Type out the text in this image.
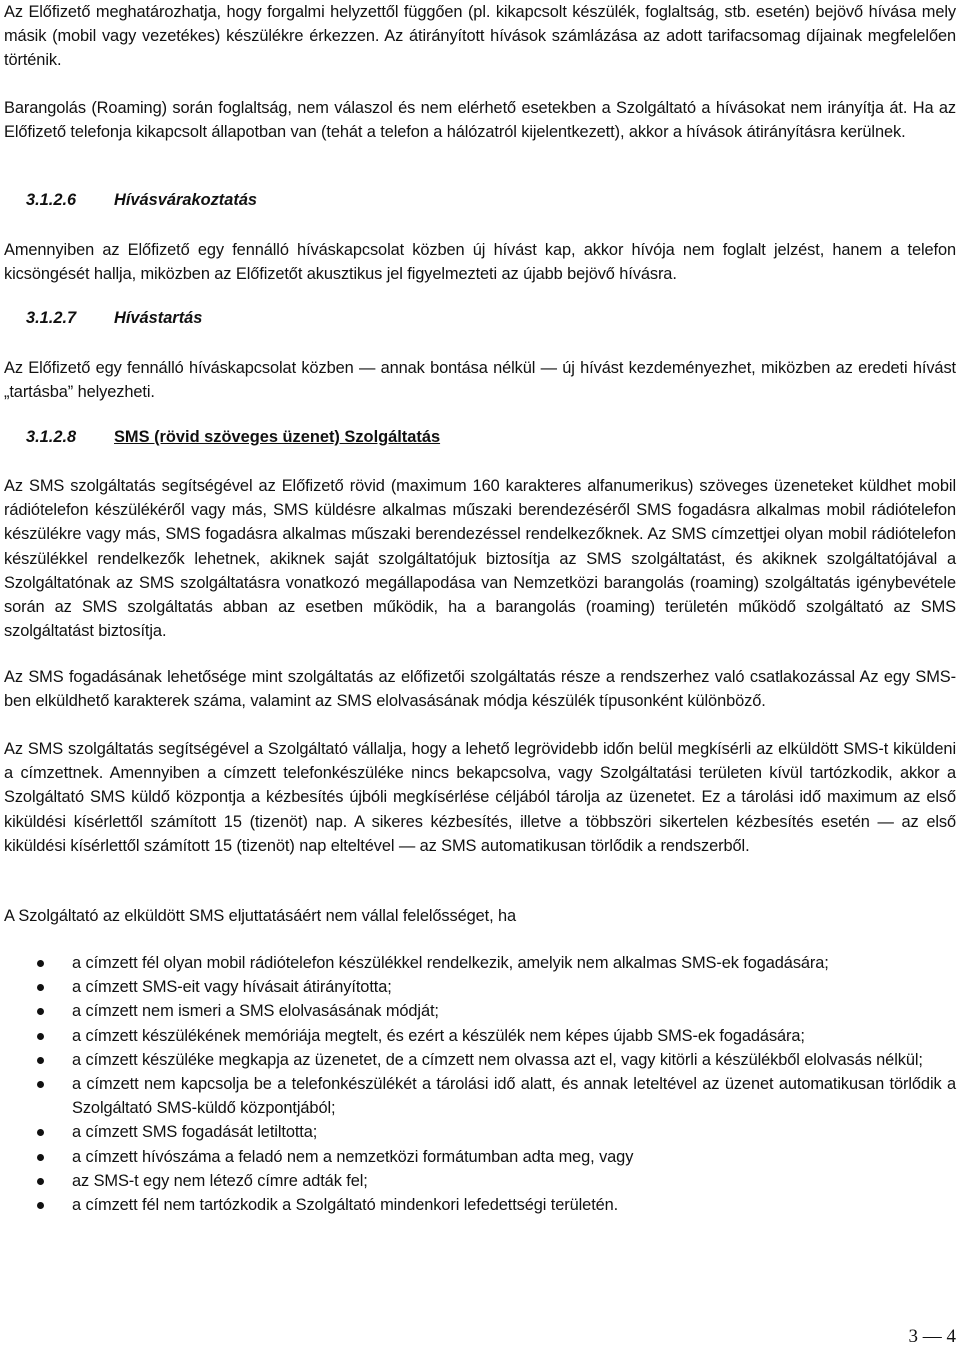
Az Előfizető meghatározhatja, hogy forgalmi helyzettől függően (pl. kikapcsolt készülék, foglaltság, stb. esetén) bejövő hívása mely másik (mobil vagy vezetékes) készülékre érkezzen. Az átirányított hívások számlázása az adott tarifacsomag díjainak megfelelően történik.

Barangolás (Roaming) során foglaltság, nem válaszol és nem elérhető esetekben a Szolgáltató a hívásokat nem irányítja át. Ha az Előfizető telefonja kikapcsolt állapotban van (tehát a telefon a hálózatról kijelentkezett), akkor a hívások átirányításra kerülnek.

3.1.2.6	Hívásvárakoztatás

Amennyiben az Előfizető egy fennálló híváskapcsolat közben új hívást kap, akkor hívója nem foglalt jelzést, hanem a telefon kicsöngését hallja, miközben az Előfizetőt akusztikus jel figyelmezteti az újabb bejövő hívásra.

3.1.2.7	Hívástartás

Az Előfizető egy fennálló híváskapcsolat közben ― annak bontása nélkül ― új hívást kezdeményezhet, miközben az eredeti hívást „tartásba” helyezheti.

3.1.2.8	SMS (rövid szöveges üzenet) Szolgáltatás

Az SMS szolgáltatás segítségével az Előfizető rövid (maximum 160 karakteres alfanumerikus) szöveges üzeneteket küldhet mobil rádiótelefon készülékéről vagy más, SMS küldésre alkalmas műszaki berendezéséről SMS fogadásra alkalmas mobil rádiótelefon készülékre vagy más, SMS fogadásra alkalmas műszaki berendezéssel rendelkezőknek. Az SMS címzettjei olyan mobil rádiótelefon készülékkel rendelkezők lehetnek, akiknek saját szolgáltatójuk biztosítja az SMS szolgáltatást, és akiknek szolgáltatójával a Szolgáltatónak az SMS szolgáltatásra vonatkozó megállapodása van Nemzetközi barangolás (roaming) szolgáltatás igénybevétele során az SMS szolgáltatás abban az esetben működik, ha a barangolás (roaming) területén működő szolgáltató az SMS szolgáltatást biztosítja.

Az SMS fogadásának lehetősége mint szolgáltatás az előfizetői szolgáltatás része a rendszerhez való csatlakozással Az egy SMS-ben elküldhető karakterek száma, valamint az SMS elolvasásának módja készülék típusonként különböző.

Az SMS szolgáltatás segítségével a Szolgáltató vállalja, hogy a lehető legrövidebb időn belül megkísérli az elküldött SMS-t kiküldeni a címzettnek. Amennyiben a címzett telefonkészüléke nincs bekapcsolva, vagy Szolgáltatási területen kívül tartózkodik, akkor a Szolgáltató SMS küldő központja a kézbesítés újbóli megkísérlése céljából tárolja az üzenetet. Ez a tárolási idő maximum az első kiküldési kísérlettől számított 15 (tizenöt) nap. A sikeres kézbesítés, illetve a többszöri sikertelen kézbesítés esetén ― az első kiküldési kísérlettől számított 15 (tizenöt) nap elteltével ― az SMS automatikusan törlődik a rendszerből.

A Szolgáltató az elküldött SMS eljuttatásáért nem vállal felelősséget, ha

a címzett fél olyan mobil rádiótelefon készülékkel rendelkezik, amelyik nem alkalmas SMS-ek fogadására;
a címzett SMS-eit vagy hívásait átirányította;
a címzett nem ismeri a SMS elolvasásának módját;
a címzett készülékének memóriája megtelt, és ezért a készülék nem képes újabb SMS-ek fogadására;
a címzett készüléke megkapja az üzenetet, de a címzett nem olvassa azt el, vagy kitörli a készülékből elolvasás nélkül;
a címzett nem kapcsolja be a telefonkészülékét a tárolási idő alatt, és annak leteltével az üzenet automatikusan törlődik a Szolgáltató SMS-küldő központjából;
a címzett SMS fogadását letiltotta;
a címzett hívószáma a feladó nem a nemzetközi formátumban adta meg, vagy
az SMS-t egy nem létező címre adták fel;
a címzett fél nem tartózkodik a Szolgáltató mindenkori lefedettségi területén.
3 — 4
